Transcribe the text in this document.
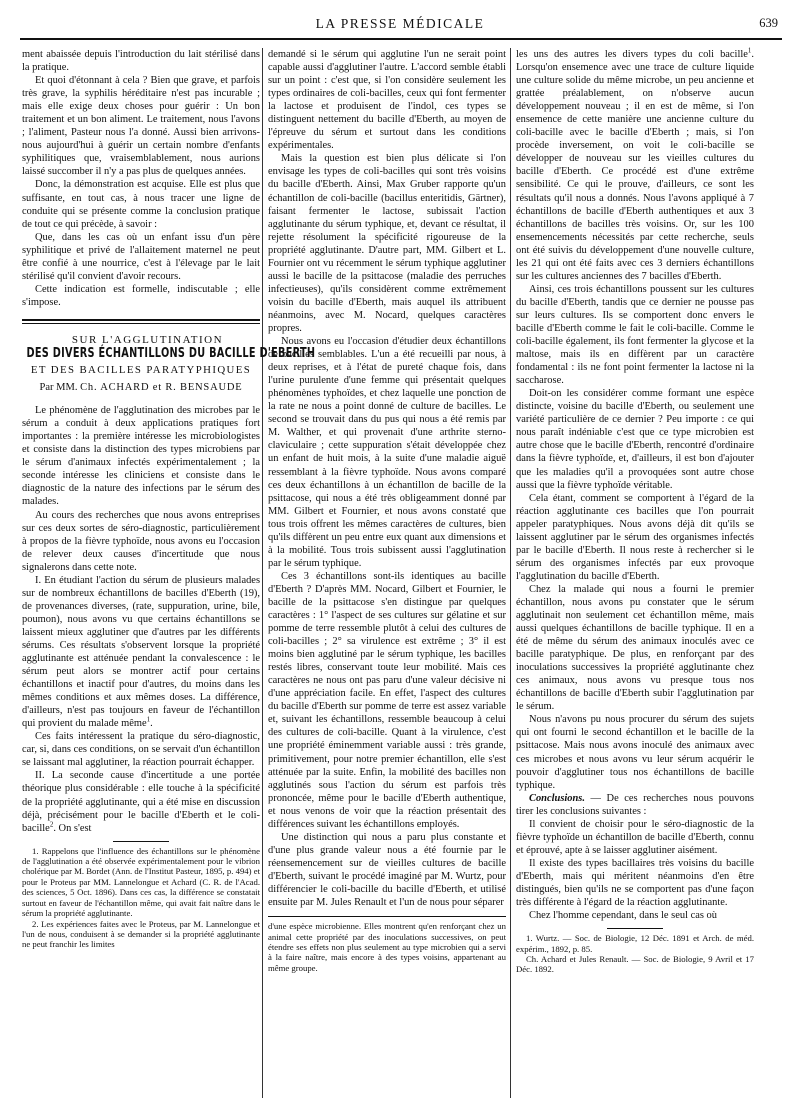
LA PRESSE MÉDICALE	639

ment abaissée depuis l'introduction du lait stérilisé dans la pratique.

Et quoi d'étonnant à cela ? Bien que grave, et parfois très grave, la syphilis héréditaire n'est pas incurable ; mais elle exige deux choses pour guérir : Un bon traitement et un bon aliment. Le traitement, nous l'avons ; l'aliment, Pasteur nous l'a donné. Aussi bien arrivons-nous aujourd'hui à guérir un certain nombre d'enfants syphilitiques que, vraisemblablement, nous aurions laissé succomber il n'y a pas plus de quelques années.

Donc, la démonstration est acquise. Elle est plus que suffisante, en tout cas, à nous tracer une ligne de conduite qui se présente comme la conclusion pratique de tout ce qui précède, à savoir :

Que, dans les cas où un enfant issu d'un père syphilitique et privé de l'allaitement maternel ne peut être confié à une nourrice, c'est à l'élevage par le lait stérilisé qu'il convient d'avoir recours.

Cette indication est formelle, indiscutable ; elle s'impose.

SUR L'AGGLUTINATION

DES DIVERS ÉCHANTILLONS DU BACILLE D'EBERTH
ET DES BACILLES PARATYPHIQUES
Par MM. Ch. ACHARD et R. BENSAUDE

Le phénomène de l'agglutination des microbes par le sérum a conduit à deux applications pratiques fort importantes : la première intéresse les microbiologistes et consiste dans la distinction des types microbiens par le sérum d'animaux infectés expérimentalement ; la seconde intéresse les cliniciens et consiste dans le diagnostic de la nature des infections par le sérum des malades.

Au cours des recherches que nous avons entreprises sur ces deux sortes de séro-diagnostic, particulièrement à propos de la fièvre typhoïde, nous avons eu l'occasion de relever deux causes d'incertitude que nous signalerons dans cette note.

I. En étudiant l'action du sérum de plusieurs malades sur de nombreux échantillons de bacilles d'Eberth (19), de provenances diverses, (rate, suppuration, urine, bile, poumon), nous avons vu que certains échantillons se laissent mieux agglutiner que d'autres par les différents sérums. Ces résultats s'observent lorsque la propriété agglutinante est atténuée pendant la convalescence : le sérum peut alors se montrer actif pour certains échantillons et inactif pour d'autres, du moins dans les mêmes conditions et aux mêmes doses. La différence, d'ailleurs, n'est pas toujours en faveur de l'échantillon qui provient du malade même$^1$.

Ces faits intéressent la pratique du séro-diagnostic, car, si, dans ces conditions, on se servait d'un échantillon se laissant mal agglutiner, la réaction pourrait échapper.

II. La seconde cause d'incertitude a une portée théorique plus considérable : elle touche à la spécificité de la propriété agglutinante, qui a été mise en discussion déjà, précisément pour le bacille d'Eberth et le coli-bacille$^2$. On s'est

1. Rappelons que l'influence des échantillons sur le phénomène de l'agglutination a été observée expérimentalement pour le vibrion cholérique par M. Bordet (Ann. de l'Institut Pasteur, 1895, p. 494) et pour le Proteus par MM. Lannelongue et Achard (C. R. de l'Acad. des sciences, 5 Oct. 1896). Dans ces cas, la différence se constatait surtout en faveur de l'échantillon même, qui avait fait naître dans le sérum la propriété agglutinante.

2. Les expériences faites avec le Proteus, par M. Lannelongue et l'un de nous, conduisent à se demander si la propriété agglutinante ne peut franchir les limites

demandé si le sérum qui agglutine l'un ne serait point capable aussi d'agglutiner l'autre. L'accord semble établi sur un point : c'est que, si l'on considère seulement les types ordinaires de coli-bacilles, ceux qui font fermenter la lactose et produisent de l'indol, ces types se distinguent nettement du bacille d'Eberth, au moyen de l'épreuve du sérum et surtout dans les conditions expérimentales.

Mais la question est bien plus délicate si l'on envisage les types de coli-bacilles qui sont très voisins du bacille d'Eberth. Ainsi, Max Gruber rapporte qu'un échantillon de coli-bacille (bacillus enteritidis, Gärtner), faisant fermenter le lactose, subissait l'action agglutinante du sérum typhique, et, devant ce résultat, il rejette résolument la spécificité rigoureuse de la propriété agglutinante. D'autre part, MM. Gilbert et L. Fournier ont vu récemment le sérum typhique agglutiner aussi le bacille de la psittacose (maladie des perruches infectieuses), qu'ils considèrent comme extrêmement voisin du bacille d'Eberth, mais auquel ils attribuent néanmoins, avec M. Nocard, quelques caractères propres.

Nous avons eu l'occasion d'étudier deux échantillons de bacilles semblables. L'un a été recueilli par nous, à deux reprises, et à l'état de pureté chaque fois, dans l'urine purulente d'une femme qui présentait quelques phénomènes typhoïdes, et chez laquelle une ponction de la rate ne nous a point donné de culture de bacilles. Le second se trouvait dans du pus qui nous a été remis par M. Walther, et qui provenait d'une arthrite sterno-claviculaire ; cette suppuration s'était développée chez un enfant de huit mois, à la suite d'une maladie aiguë ressemblant à la fièvre typhoïde. Nous avons comparé ces deux échantillons à un échantillon de bacille de la psittacose, qui nous a été très obligeamment donné par MM. Gilbert et Fournier, et nous avons constaté que tous trois offrent les mêmes caractères de cultures, bien qu'ils diffèrent un peu entre eux quant aux dimensions et à la mobilité. Tous trois subissent aussi l'agglutination par le sérum typhique.

Ces 3 échantillons sont-ils identiques au bacille d'Eberth ? D'après MM. Nocard, Gilbert et Fournier, le bacille de la psittacose s'en distingue par quelques caractères : 1° l'aspect de ses cultures sur gélatine et sur pomme de terre ressemble plutôt à celui des cultures de coli-bacilles ; 2° sa virulence est extrême ; 3° il est moins bien agglutiné par le sérum typhique, les bacilles restés libres, conservant toute leur mobilité. Mais ces caractères ne nous ont pas paru d'une valeur décisive ni d'une appréciation facile. En effet, l'aspect des cultures du bacille d'Eberth sur pomme de terre est assez variable et, suivant les échantillons, ressemble beaucoup à celui des cultures de coli-bacille. Quant à la virulence, c'est une propriété éminemment variable aussi : très grande, primitivement, pour notre premier échantillon, elle s'est atténuée par la suite. Enfin, la mobilité des bacilles non agglutinés sous l'action du sérum est parfois très prononcée, même pour le bacille d'Eberth authentique, et nous venons de voir que la réaction présentait des différences suivant les échantillons employés.

Une distinction qui nous a paru plus constante et d'une plus grande valeur nous a été fournie par le réensemencement sur de vieilles cultures de bacille d'Eberth, suivant le procédé imaginé par M. Wurtz, pour différencier le coli-bacille du bacille d'Eberth, et utilisé ensuite par M. Jules Renault et l'un de nous pour séparer

d'une espèce microbienne. Elles montrent qu'en renforçant chez un animal cette propriété par des inoculations successives, on peut étendre ses effets non plus seulement au type microbien qui a servi à la faire naître, mais encore à des types voisins, appartenant au même groupe.

les uns des autres les divers types du coli bacille$^1$. Lorsqu'on ensemence avec une trace de culture liquide une culture solide du même microbe, un peu ancienne et grattée préalablement, on n'observe aucun développement nouveau ; il en est de même, si l'on ensemence de cette manière une ancienne culture du coli-bacille avec le bacille d'Eberth ; mais, si l'on procède inversement, on voit le coli-bacille se développer de nouveau sur les vieilles cultures du bacille d'Eberth. Ce procédé est d'une extrême sensibilité. Ce qui le prouve, d'ailleurs, ce sont les résultats qu'il nous a donnés. Nous l'avons appliqué à 7 échantillons de bacille d'Eberth authentiques et aux 3 échantillons de bacilles très voisins. Or, sur les 100 ensemencements nécessités par cette recherche, seuls ont été suivis du développement d'une nouvelle culture, les 21 qui ont été faits avec ces 3 derniers échantillons sur les cultures anciennes des 7 bacilles d'Eberth.

Ainsi, ces trois échantillons poussent sur les cultures du bacille d'Eberth, tandis que ce dernier ne pousse pas sur leurs cultures. Ils se comportent donc envers le bacille d'Eberth comme le fait le coli-bacille. Comme le coli-bacille également, ils font fermenter la glycose et la maltose, mais ils en diffèrent par un caractère fondamental : ils ne font point fermenter la lactose ni la saccharose.

Doit-on les considérer comme formant une espèce distincte, voisine du bacille d'Eberth, ou seulement une variété particulière de ce dernier ? Peu importe : ce qui nous paraît indéniable c'est que ce type microbien est autre chose que le bacille d'Eberth, rencontré d'ordinaire dans la fièvre typhoïde, et, d'ailleurs, il est bon d'ajouter que les maladies qu'il a provoquées sont autre chose aussi que la fièvre typhoïde véritable.

Cela étant, comment se comportent à l'égard de la réaction agglutinante ces bacilles que l'on pourrait appeler paratyphiques. Nous avons déjà dit qu'ils se laissent agglutiner par le sérum des organismes infectés par le bacille d'Eberth. Il nous reste à rechercher si le sérum des organismes infectés par eux provoque l'agglutination du bacille d'Eberth.

Chez la malade qui nous a fourni le premier échantillon, nous avons pu constater que le sérum agglutinait non seulement cet échantillon même, mais aussi quelques échantillons de bacille typhique. Il en a été de même du sérum des animaux inoculés avec ce bacille paratyphique. De plus, en renforçant par des inoculations successives la propriété agglutinante chez ces animaux, nous avons vu presque tous nos échantillons de bacille d'Eberth subir l'agglutination par le sérum.

Nous n'avons pu nous procurer du sérum des sujets qui ont fourni le second échantillon et le bacille de la psittacose. Mais nous avons inoculé des animaux avec ces microbes et nous avons vu leur sérum acquérir le pouvoir d'agglutiner tous nos échantillons de bacille typhique.

Conclusions. — De ces recherches nous pouvons tirer les conclusions suivantes :

Il convient de choisir pour le séro-diagnostic de la fièvre typhoïde un échantillon de bacille d'Eberth, connu et éprouvé, apte à se laisser agglutiner aisément.

Il existe des types bacillaires très voisins du bacille d'Eberth, mais qui méritent néanmoins d'en être distingués, bien qu'ils ne se comportent pas d'une façon très différente à l'égard de la réaction agglutinante.

Chez l'homme cependant, dans le seul cas où

1. Wurtz. — Soc. de Biologie, 12 Déc. 1891 et Arch. de méd. expérim., 1892, p. 85.

Ch. Achard et Jules Renault. — Soc. de Biologie, 9 Avril et 17 Déc. 1892.
